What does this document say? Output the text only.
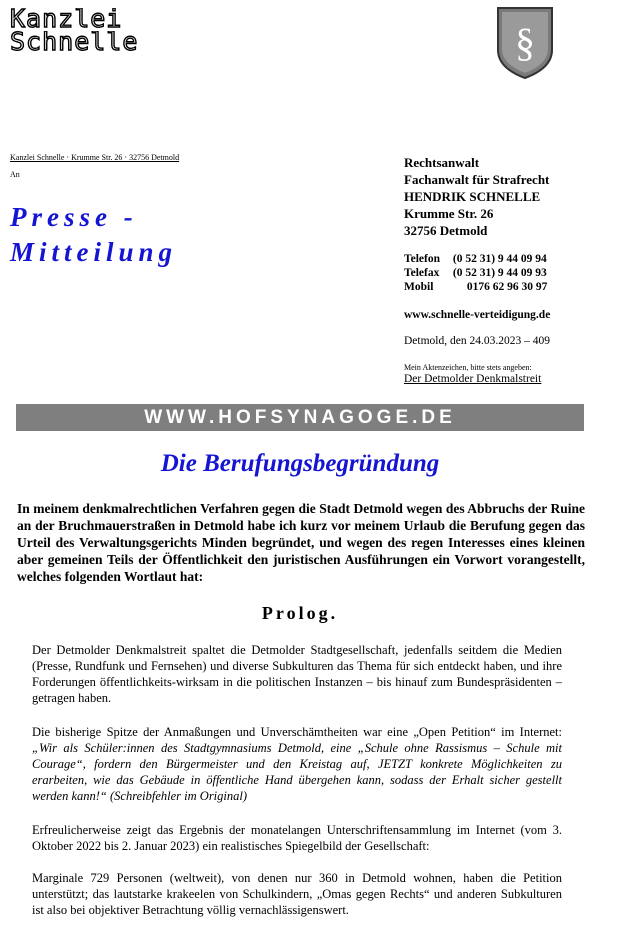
Kanzlei
Schnelle	§
Kanzlei Schnelle · Krumme Str. 26 · 32756 Detmold
An
Presse -
Mitteilung
Rechtsanwalt
Fachanwalt für Strafrecht
HENDRIK SCHNELLE
Krumme Str. 26
32756 Detmold
Telefon (0 52 31) 9 44 09 94
Telefax (0 52 31) 9 44 09 93
Mobil	0176 62 96 30 97
www.schnelle-verteidigung.de
Detmold, den 24.03.2023 – 409
Mein Aktenzeichen, bitte stets angeben:
Der Detmolder Denkmalstreit
WWW.HOFSYNAGOGE.DE
Die Berufungsbegründung
In meinem denkmalrechtlichen Verfahren gegen die Stadt Detmold wegen des Abbruchs der Ruine an der Bruchmauerstraßen in Detmold habe ich kurz vor meinem Urlaub die Berufung gegen das Urteil des Verwaltungsgerichts Minden begründet, und wegen des regen Interesses eines kleinen aber gemeinen Teils der Öffentlichkeit den juristischen Ausführungen ein Vorwort vorangestellt, welches folgenden Wortlaut hat:
Prolog.
Der Detmolder Denkmalstreit spaltet die Detmolder Stadtgesellschaft, jedenfalls seitdem die Medien (Presse, Rundfunk und Fernsehen) und diverse Subkulturen das Thema für sich entdeckt haben, und ihre Forderungen öffentlichkeits-wirksam in die politischen Instanzen – bis hinauf zum Bundespräsidenten – getragen haben.
Die bisherige Spitze der Anmaßungen und Unverschämtheiten war eine „Open Petition“ im Internet: „Wir als Schüler:innen des Stadtgymnasiums Detmold, eine „Schule ohne Rassismus – Schule mit Courage“, fordern den Bürgermeister und den Kreistag auf, JETZT konkrete Möglichkeiten zu erarbeiten, wie das Gebäude in öffentliche Hand übergehen kann, sodass der Erhalt sicher gestellt werden kann!“ (Schreibfehler im Original)
Erfreulicherweise zeigt das Ergebnis der monatelangen Unterschriftensammlung im Internet (vom 3. Oktober 2022 bis 2. Januar 2023) ein realistisches Spiegelbild der Gesellschaft:
Marginale 729 Personen (weltweit), von denen nur 360 in Detmold wohnen, haben die Petition unterstützt; das lautstarke krakeelen von Schulkindern, „Omas gegen Rechts“ und anderen Subkulturen ist also bei objektiver Betrachtung völlig vernachlässigenswert.
